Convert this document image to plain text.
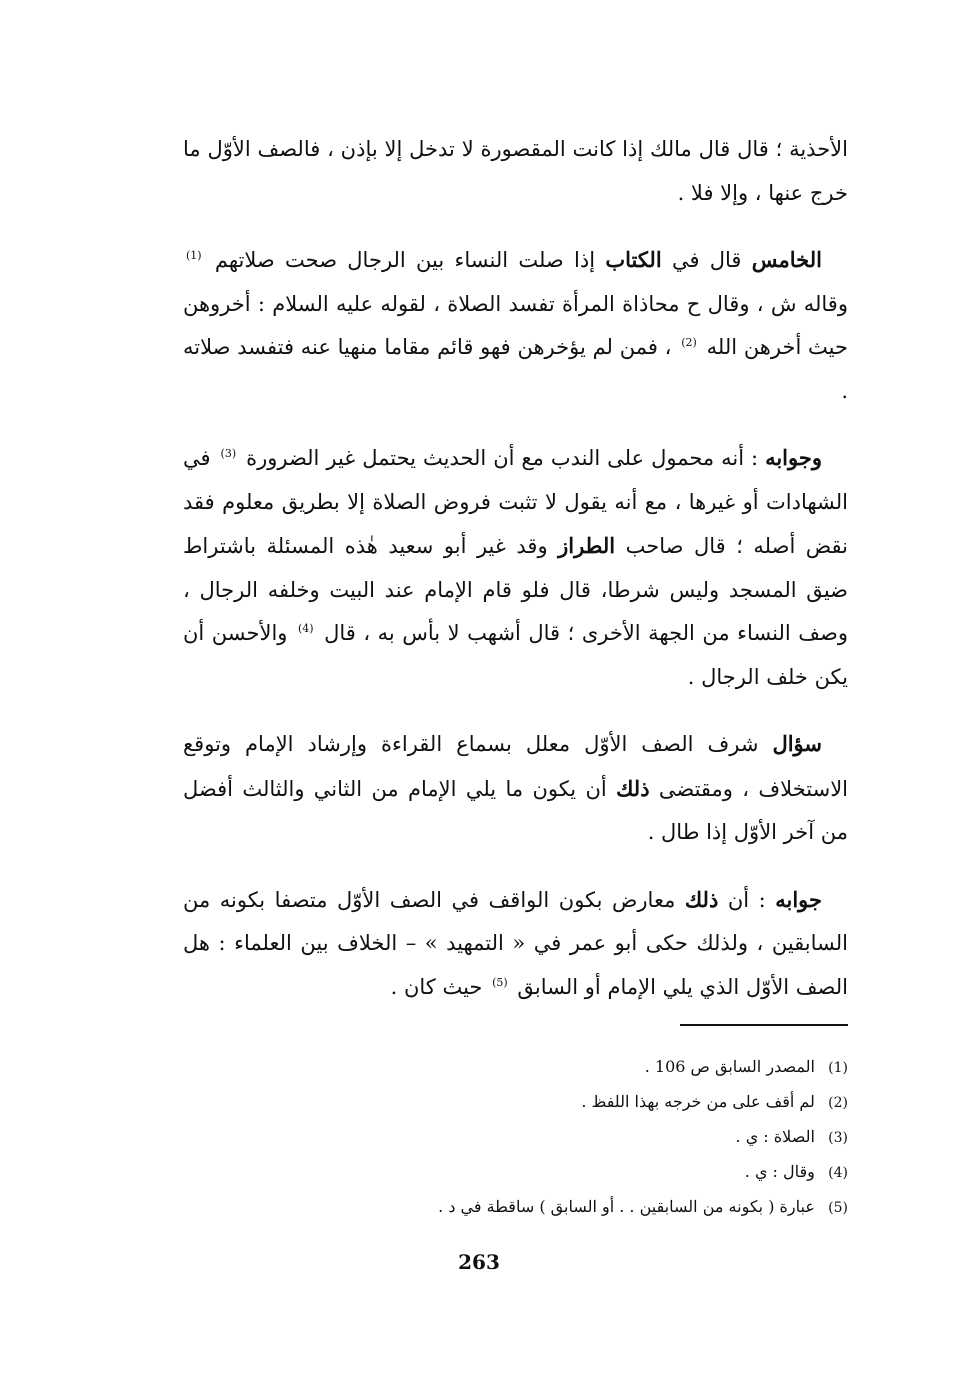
الأحذية ؛ قال قال مالك إذا كانت المقصورة لا تدخل إلا بإذن ، فالصف الأوّل ما خرج عنها ، وإلا فلا .

الخامس قال في الكتاب إذا صلت النساء بين الرجال صحت صلاتهم $^{(1)}$ وقاله ش ، وقال ح محاذاة المرأة تفسد الصلاة ، لقوله عليه السلام : أخروهن حيث أخرهن الله $^{(2)}$ ، فمن لم يؤخرهن فهو قائم مقاما منهيا عنه فتفسد صلاته .

وجوابه : أنه محمول على الندب مع أن الحديث يحتمل غير الضرورة $^{(3)}$ في الشهادات أو غيرها ، مع أنه يقول لا تثبت فروض الصلاة إلا بطريق معلوم فقد نقض أصله ؛ قال صاحب الطراز وقد غير أبو سعيد هٰذه المسئلة باشتراط ضيق المسجد وليس شرطا، قال فلو قام الإمام عند البيت وخلفه الرجال ، وصف النساء من الجهة الأخرى ؛ قال أشهب لا بأس به ، قال $^{(4)}$ والأحسن أن يكن خلف الرجال .

سؤال شرف الصف الأوّل معلل بسماع القراءة وإرشاد الإمام وتوقع الاستخلاف ، ومقتضى ذلك أن يكون ما يلي الإمام من الثاني والثالث أفضل من آخر الأوّل إذا طال .

جوابه : أن ذلك معارض بكون الواقف في الصف الأوّل متصفا بكونه من السابقين ، ولذلك حكى أبو عمر في « التمهيد » – الخلاف بين العلماء : هل الصف الأوّل الذي يلي الإمام أو السابق $^{(5)}$ حيث كان .

(1) المصدر السابق ص 106 .
(2) لم أقف على من خرجه بهذا اللفظ .
(3) الصلاة : ي .
(4) وقال : ي .
(5) عبارة ( بكونه من السابقين . . أو السابق ) ساقطة في د .
263
